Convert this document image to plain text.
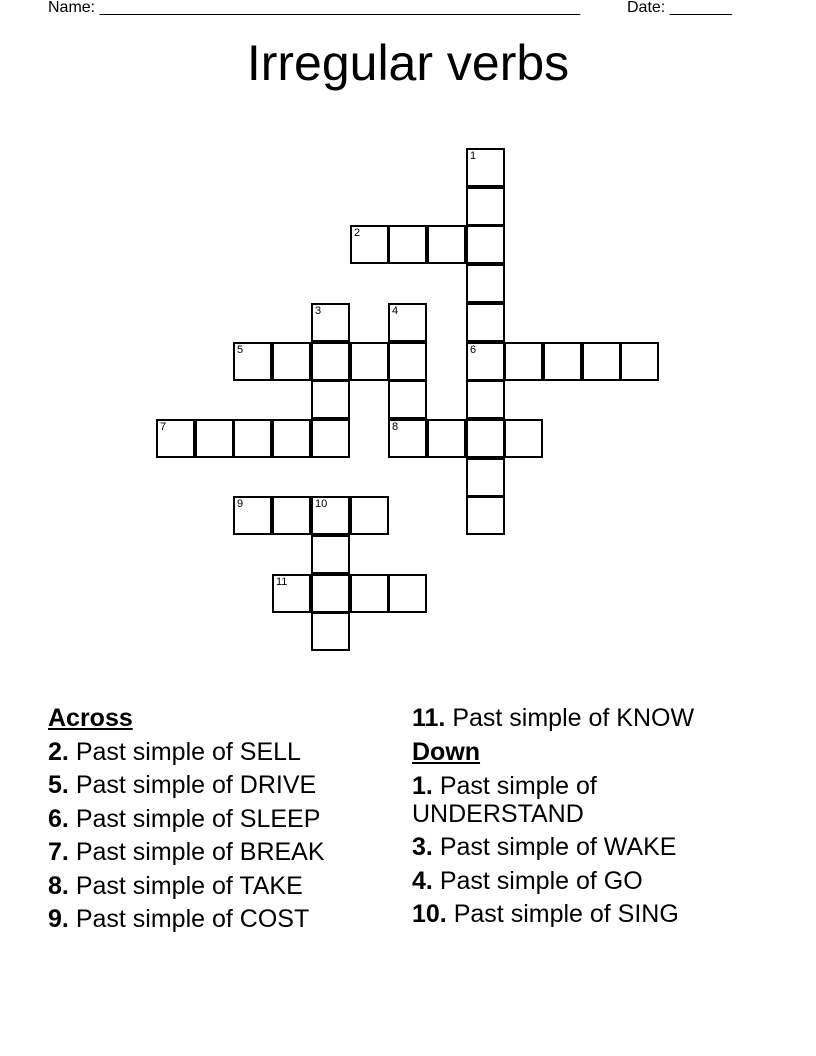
Name: ______________________________________________________	Date: _______
Irregular verbs
1
6
2
3	4
8
5
7
9	10
11
Across
2. Past simple of SELL
5. Past simple of DRIVE
6. Past simple of SLEEP
7. Past simple of BREAK
8. Past simple of TAKE
9. Past simple of COST
11. Past simple of KNOW
Down
1. Past simple of UNDERSTAND
3. Past simple of WAKE
4. Past simple of GO
10. Past simple of SING
